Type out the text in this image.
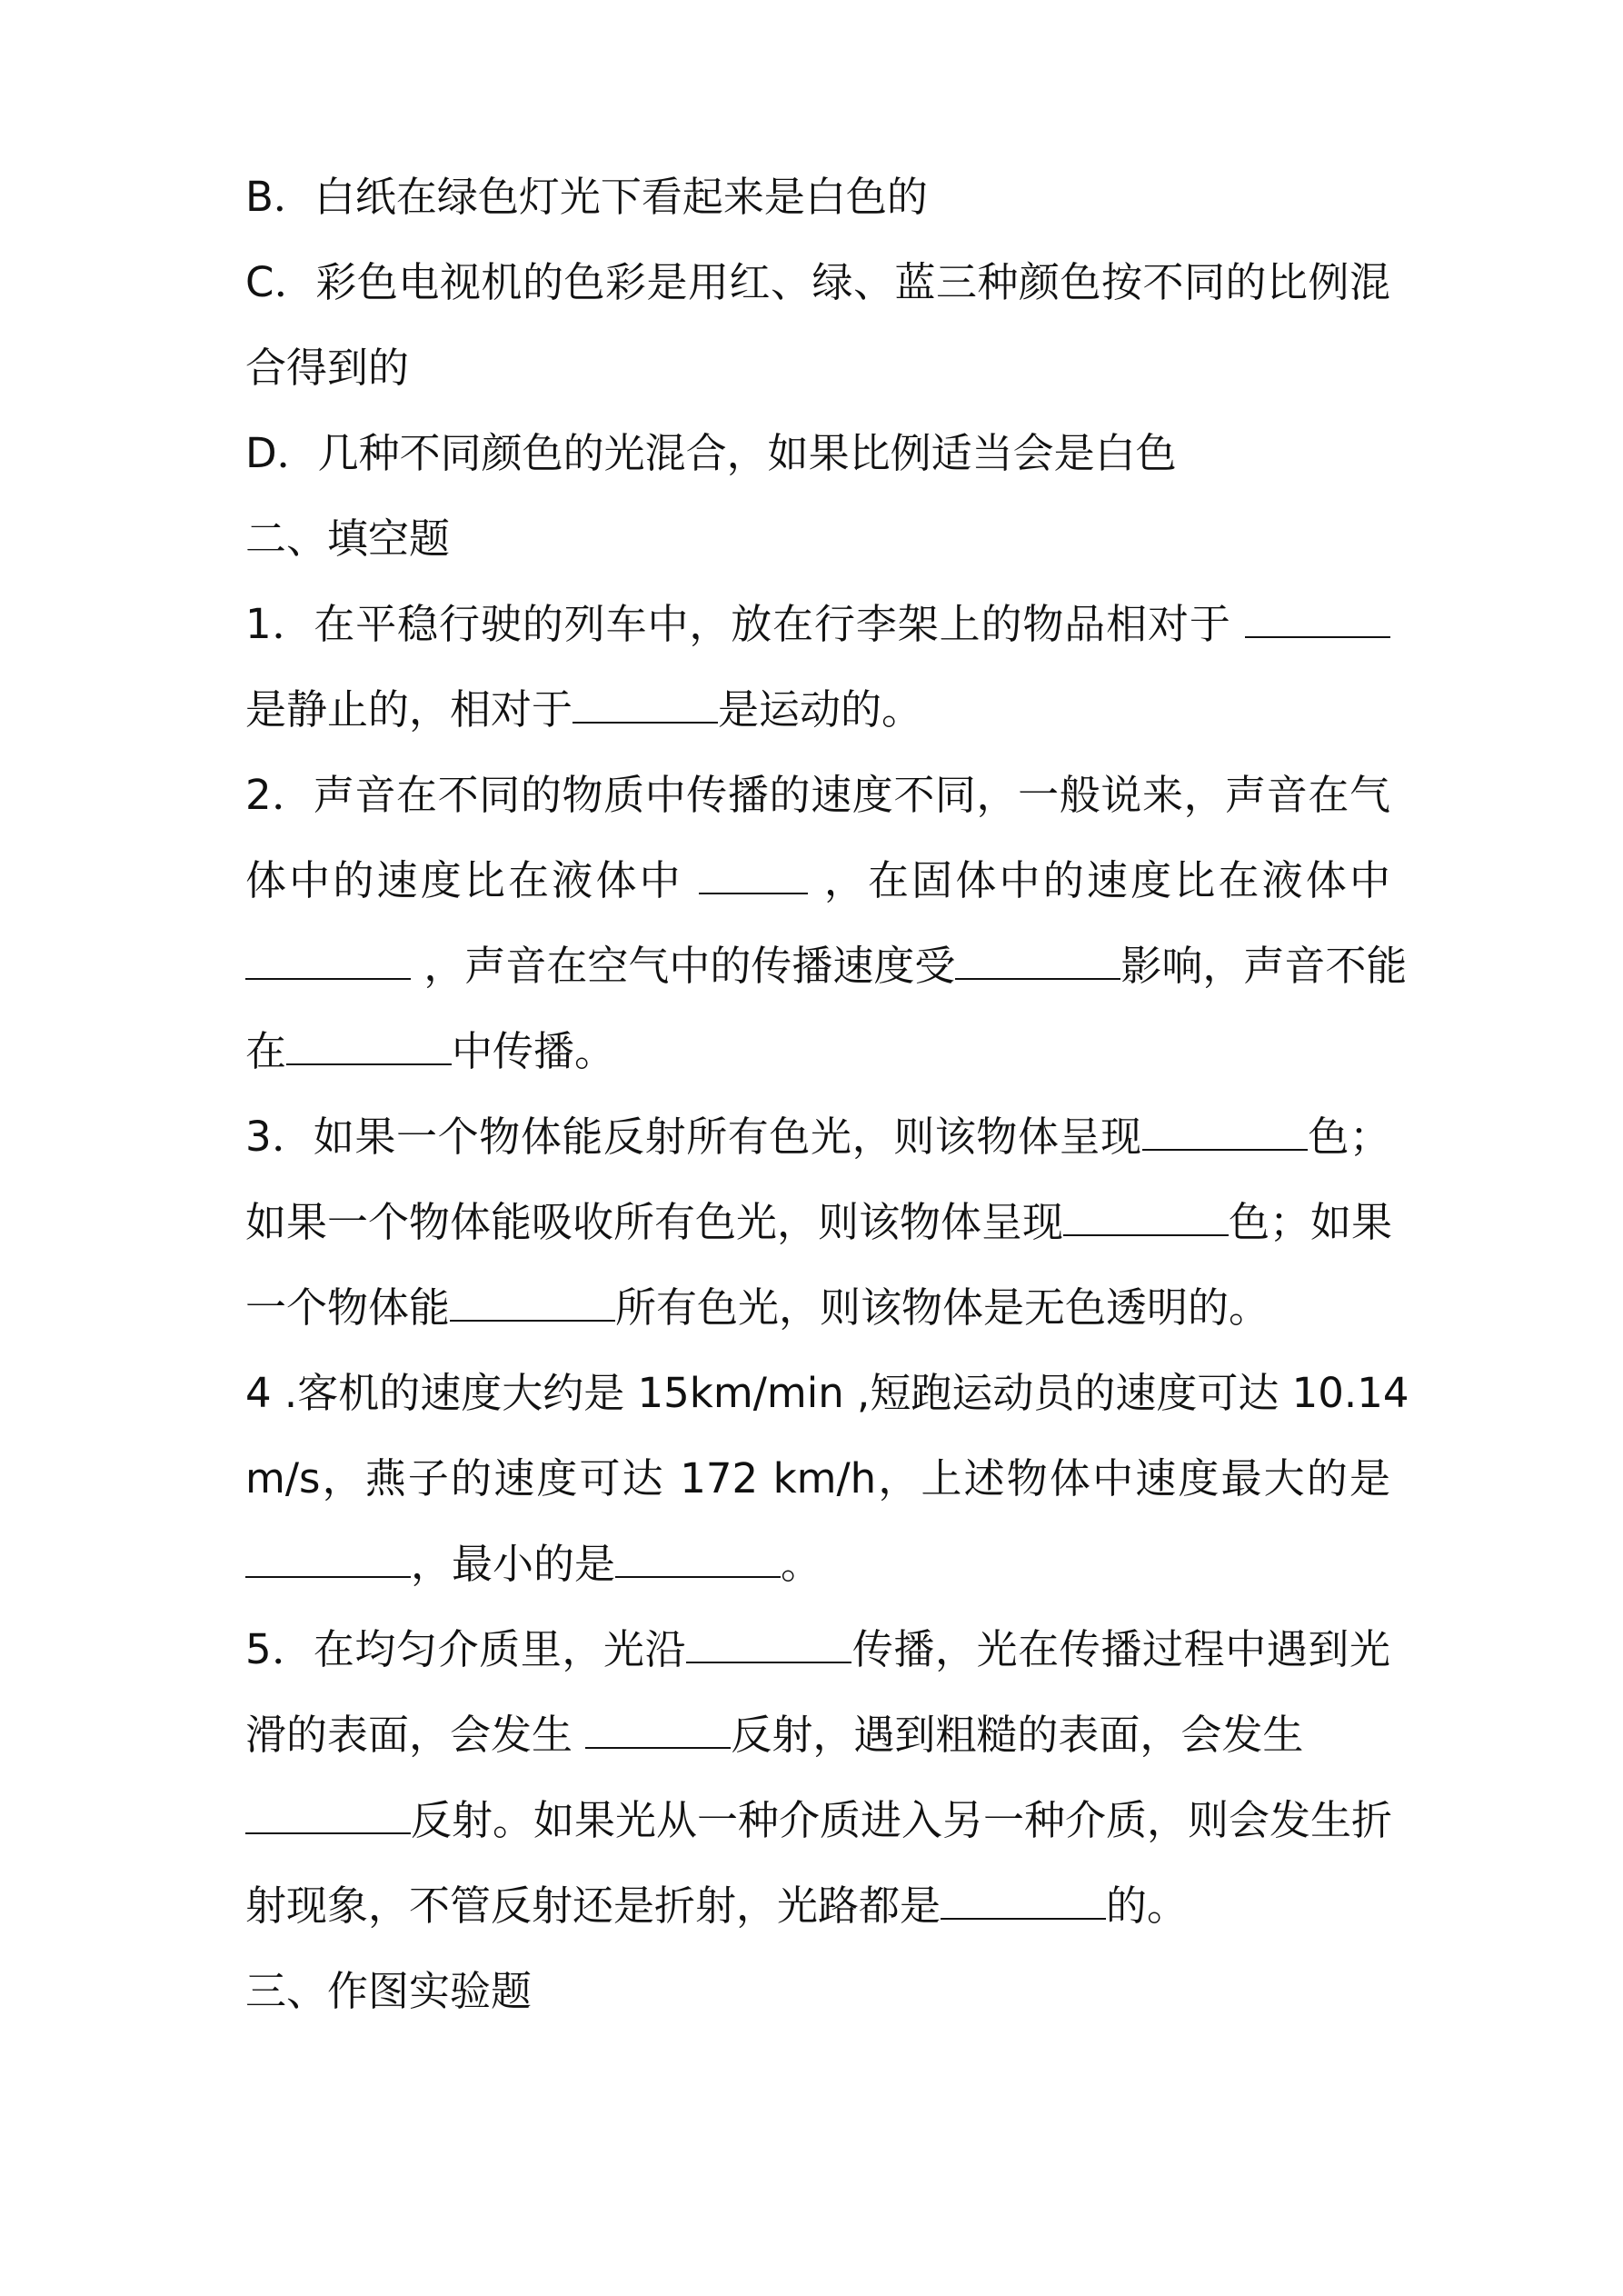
B．白纸在绿色灯光下看起来是白色的
C．彩色电视机的色彩是用红、绿、蓝三种颜色按不同的比例混
合得到的
D．几种不同颜色的光混合，如果比例适当会是白色
二、填空题
1．在平稳行驶的列车中，放在行李架上的物品相对于
是静止的，相对于	是运动的。
2．声音在不同的物质中传播的速度不同，一般说来，声音在气
体中的速度比在液体中	，在固体中的速度比在液体中
，声音在空气中的传播速度受	影响，声音不能
在	中传播。
3．如果一个物体能反射所有色光，则该物体呈现	色；
如果一个物体能吸收所有色光，则该物体呈现	色；如果
一个物体能	所有色光，则该物体是无色透明的。
4 .客机的速度大约是 15km/min ,短跑运动员的速度可达 10.14
m/s，燕子的速度可达 172 km/h，上述物体中速度最大的是
，最小的是	。
5．在均匀介质里，光沿	传播，光在传播过程中遇到光
滑的表面，会发生	反射，遇到粗糙的表面，会发生
反射。如果光从一种介质进入另一种介质，则会发生折
射现象，不管反射还是折射，光路都是	的。
三、作图实验题
